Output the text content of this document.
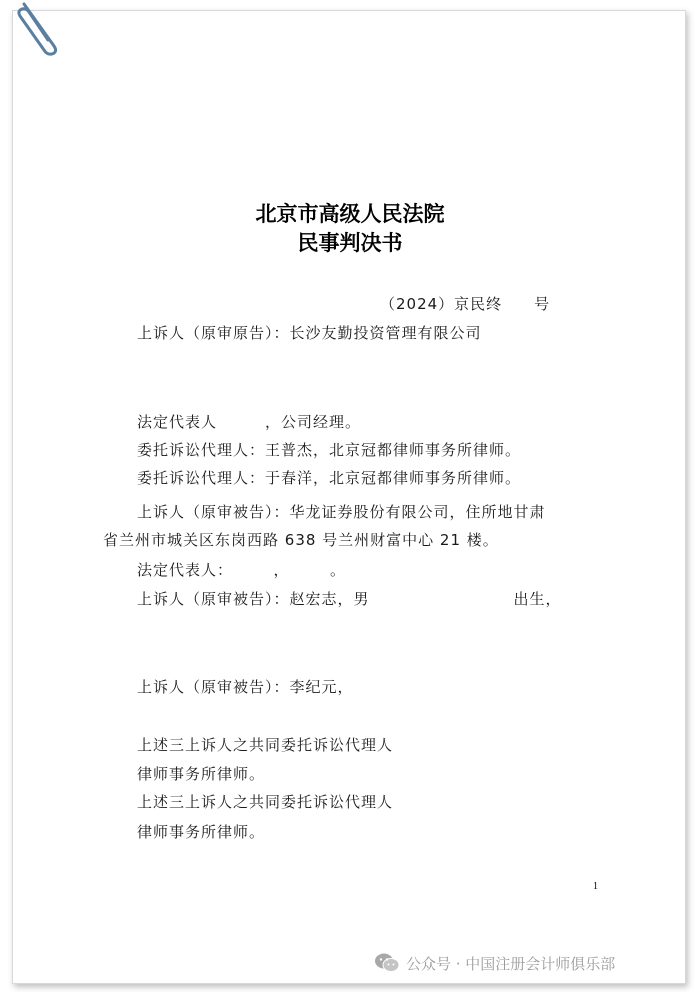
北京市高级人民法院
民事判决书
（2024）京民终　　号
上诉人（原审原告）：长沙友勤投资管理有限公司
法定代表人　　　，公司经理。
委托诉讼代理人：王普杰，北京冠都律师事务所律师。
委托诉讼代理人：于春洋，北京冠都律师事务所律师。
上诉人（原审被告）：华龙证券股份有限公司，住所地甘肃
省兰州市城关区东岗西路 638 号兰州财富中心 21 楼。
法定代表人：　　　，　　　。
上诉人（原审被告）：赵宏志，男　　　　　　　　　出生，
上诉人（原审被告）：李纪元，
上述三上诉人之共同委托诉讼代理人
律师事务所律师。
上述三上诉人之共同委托诉讼代理人
律师事务所律师。
1
公众号 · 中国注册会计师俱乐部
